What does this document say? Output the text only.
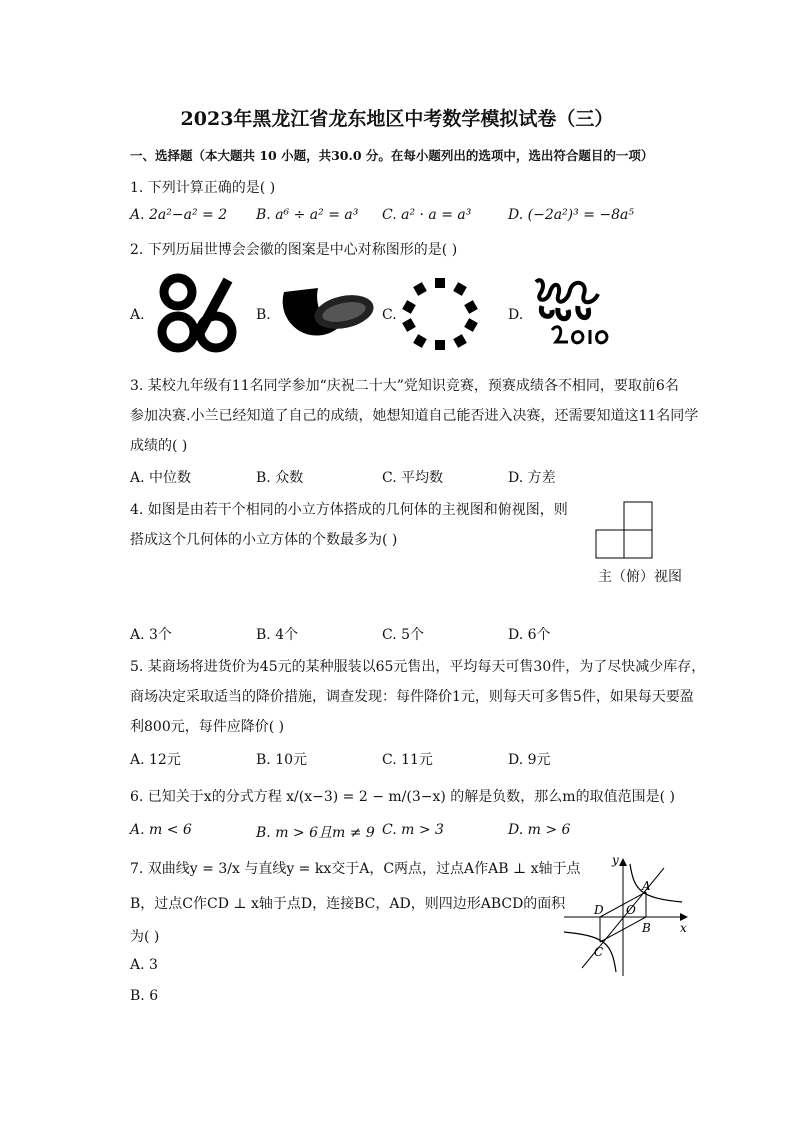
2023年黑龙江省龙东地区中考数学模拟试卷（三）
一、选择题（本大题共 10 小题，共30.0 分。在每小题列出的选项中，选出符合题目的一项）
1. 下列计算正确的是( )
A. 2a²−a² = 2 B. a⁶ ÷ a² = a³ C. a² · a = a³	D. (−2a²)³ = −8a⁵
2. 下列历届世博会会徽的图案是中心对称图形的是( )
A.	B.	C.	D.
3. 某校九年级有11名同学参加“庆祝二十大”党知识竞赛，预赛成绩各不相同，要取前6名
参加决赛.小兰已经知道了自己的成绩，她想知道自己能否进入决赛，还需要知道这11名同学
成绩的( )
A. 中位数	B. 众数	C. 平均数	D. 方差
4. 如图是由若干个相同的小立方体搭成的几何体的主视图和俯视图，则
搭成这个几何体的小立方体的个数最多为( )
主（俯）视图
A. 3个	B. 4个	C. 5个	D. 6个
5. 某商场将进货价为45元的某种服装以65元售出，平均每天可售30件，为了尽快减少库存，
商场决定采取适当的降价措施，调查发现：每件降价1元，则每天可多售5件，如果每天要盈
利800元，每件应降价( )
A. 12元	B. 10元	C. 11元	D. 9元
6. 已知关于x的分式方程 x/(x−3) = 2 − m/(3−x) 的解是负数，那么m的取值范围是( )
A. m < 6	B. m > 6且m ≠ 9 C. m > 3	D. m > 6
7. 双曲线y = 3/x 与直线y = kx交于A，C两点，过点A作AB ⊥ x轴于点
B，过点C作CD ⊥ x轴于点D，连接BC，AD，则四边形ABCD的面积
为( )
A. 3
B. 6
y
x
A
B
C
D O
